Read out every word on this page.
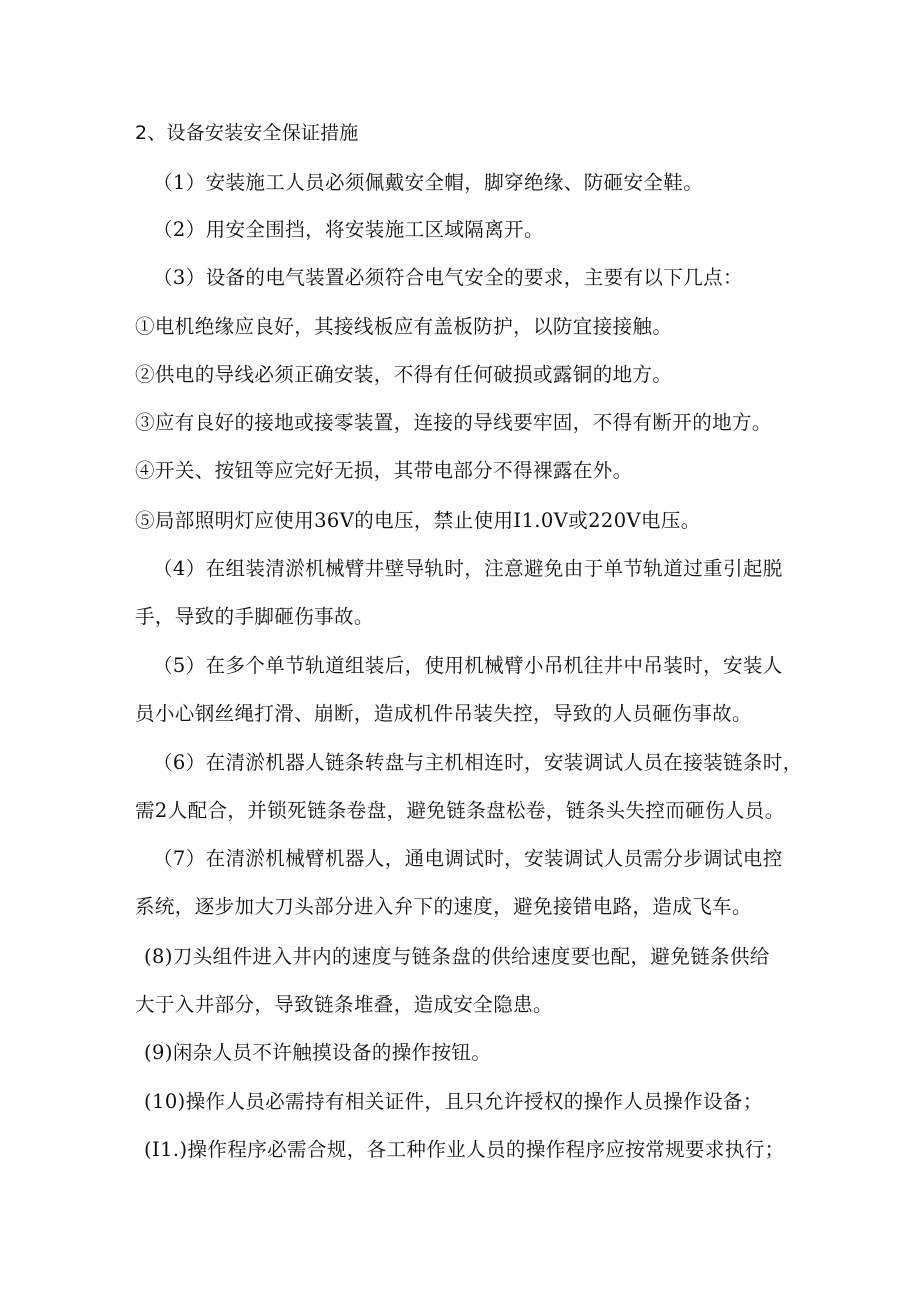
2、设备安装安全保证措施
（1）安装施工人员必须佩戴安全帽，脚穿绝缘、防砸安全鞋。
（2）用安全围挡，将安装施工区域隔离开。
（3）设备的电气装置必须符合电气安全的要求，主要有以下几点：
①电机绝缘应良好，其接线板应有盖板防护，以防宜接接触。
②供电的导线必须正确安装，不得有任何破损或露铜的地方。
③应有良好的接地或接零装置，连接的导线要牢固，不得有断开的地方。
④开关、按钮等应完好无损，其带电部分不得裸露在外。
⑤局部照明灯应使用36V的电压，禁止使用I1.0V或220V电压。
（4）在组装清淤机械臂井壁导轨时，注意避免由于单节轨道过重引起脱
手，导致的手脚砸伤事故。
（5）在多个单节轨道组装后，使用机械臂小吊机往井中吊装时，安装人
员小心钢丝绳打滑、崩断，造成机件吊装失控，导致的人员砸伤事故。
（6）在清淤机器人链条转盘与主机相连时，安装调试人员在接装链条时，
需2人配合，并锁死链条卷盘，避免链条盘松卷，链条头失控而砸伤人员。
（7）在清淤机械臂机器人，通电调试时，安装调试人员需分步调试电控
系统，逐步加大刀头部分进入弁下的速度，避免接错电路，造成飞车。
(8)刀头组件进入井内的速度与链条盘的供给速度要也配，避免链条供给
大于入井部分，导致链条堆叠，造成安全隐患。
(9)闲杂人员不许触摸设备的操作按钮。
(10)操作人员必需持有相关证件，且只允许授权的操作人员操作设备；
(I1.)操作程序必需合规，各工种作业人员的操作程序应按常规要求执行；
